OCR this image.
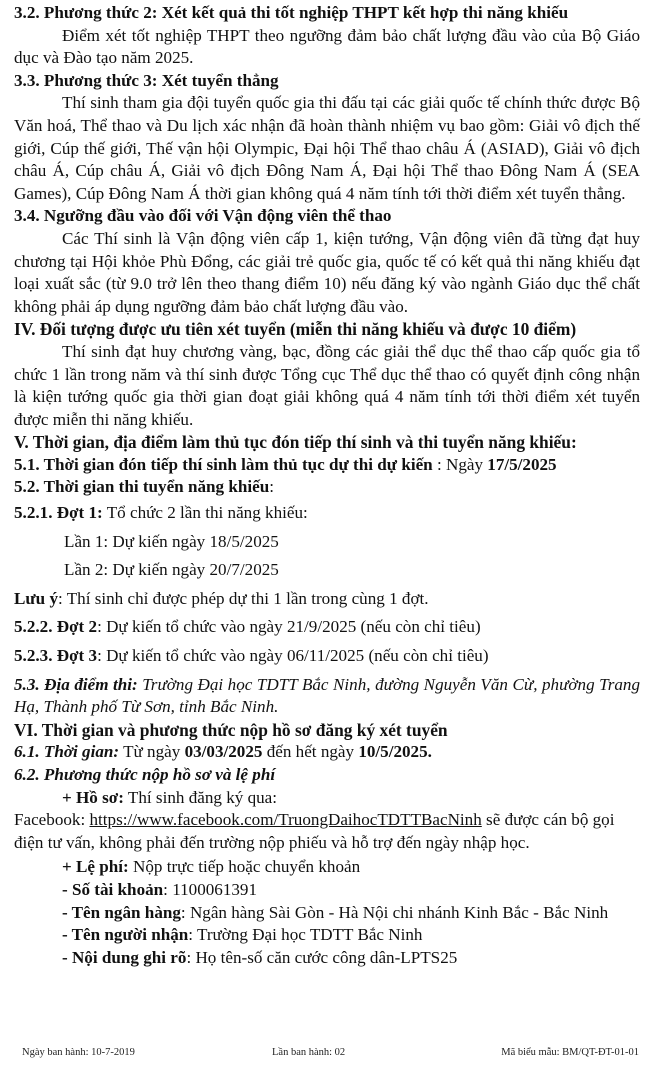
3.2. Phương thức 2: Xét kết quả thi tốt nghiệp THPT kết hợp thi năng khiếu

Điểm xét tốt nghiệp THPT theo ngưỡng đảm bảo chất lượng đầu vào của Bộ Giáo dục và Đào tạo năm 2025.

3.3. Phương thức 3: Xét tuyển thẳng

Thí sinh tham gia đội tuyển quốc gia thi đấu tại các giải quốc tế chính thức được Bộ Văn hoá, Thể thao và Du lịch xác nhận đã hoàn thành nhiệm vụ bao gồm: Giải vô địch thế giới, Cúp thế giới, Thế vận hội Olympic, Đại hội Thể thao châu Á (ASIAD), Giải vô địch châu Á, Cúp châu Á, Giải vô địch Đông Nam Á, Đại hội Thể thao Đông Nam Á (SEA Games), Cúp Đông Nam Á thời gian không quá 4 năm tính tới thời điểm xét tuyển thẳng.

3.4. Ngưỡng đầu vào đối với Vận động viên thể thao

Các Thí sinh là Vận động viên cấp 1, kiện tướng, Vận động viên đã từng đạt huy chương tại Hội khỏe Phù Đổng, các giải trẻ quốc gia, quốc tế có kết quả thi năng khiếu đạt loại xuất sắc (từ 9.0 trở lên theo thang điểm 10) nếu đăng ký vào ngành Giáo dục thể chất không phải áp dụng ngưỡng đảm bảo chất lượng đầu vào.

IV. Đối tượng được ưu tiên xét tuyển (miễn thi năng khiếu và được 10 điểm)

Thí sinh đạt huy chương vàng, bạc, đồng các giải thể dục thể thao cấp quốc gia tổ chức 1 lần trong năm và thí sinh được Tổng cục Thể dục thể thao có quyết định công nhận là kiện tướng quốc gia thời gian đoạt giải không quá 4 năm tính tới thời điểm xét tuyển được miễn thi năng khiếu.

V. Thời gian, địa điểm làm thủ tục đón tiếp thí sinh và thi tuyển năng khiếu:

5.1. Thời gian đón tiếp thí sinh làm thủ tục dự thi dự kiến : Ngày 17/5/2025

5.2. Thời gian thi tuyển năng khiếu:

5.2.1. Đợt 1: Tổ chức 2 lần thi năng khiếu:

Lần 1: Dự kiến ngày 18/5/2025

Lần 2: Dự kiến ngày 20/7/2025

Lưu ý: Thí sinh chỉ được phép dự thi 1 lần trong cùng 1 đợt.

5.2.2. Đợt 2: Dự kiến tổ chức vào ngày 21/9/2025 (nếu còn chỉ tiêu)

5.2.3. Đợt 3: Dự kiến tổ chức vào ngày 06/11/2025 (nếu còn chỉ tiêu)

5.3. Địa điểm thi: Trường Đại học TDTT Bắc Ninh, đường Nguyễn Văn Cừ, phường Trang Hạ, Thành phố Từ Sơn, tỉnh Bắc Ninh.

VI. Thời gian và phương thức nộp hồ sơ đăng ký xét tuyển

6.1. Thời gian: Từ ngày 03/03/2025 đến hết ngày 10/5/2025.

6.2. Phương thức nộp hồ sơ và lệ phí

+ Hồ sơ: Thí sinh đăng ký qua:

Facebook: https://www.facebook.com/TruongDaihocTDTTBacNinh sẽ được cán bộ gọi điện tư vấn, không phải đến trường nộp phiếu và hỗ trợ đến ngày nhập học.

+ Lệ phí: Nộp trực tiếp hoặc chuyển khoản

- Số tài khoản: 1100061391

- Tên ngân hàng: Ngân hàng Sài Gòn - Hà Nội chi nhánh Kinh Bắc - Bắc Ninh

- Tên người nhận: Trường Đại học TDTT Bắc Ninh

- Nội dung ghi rõ: Họ tên-số căn cước công dân-LPTS25

Ngày ban hành: 10-7-2019	Lần ban hành: 02	Mã biểu mẫu: BM/QT-ĐT-01-01
